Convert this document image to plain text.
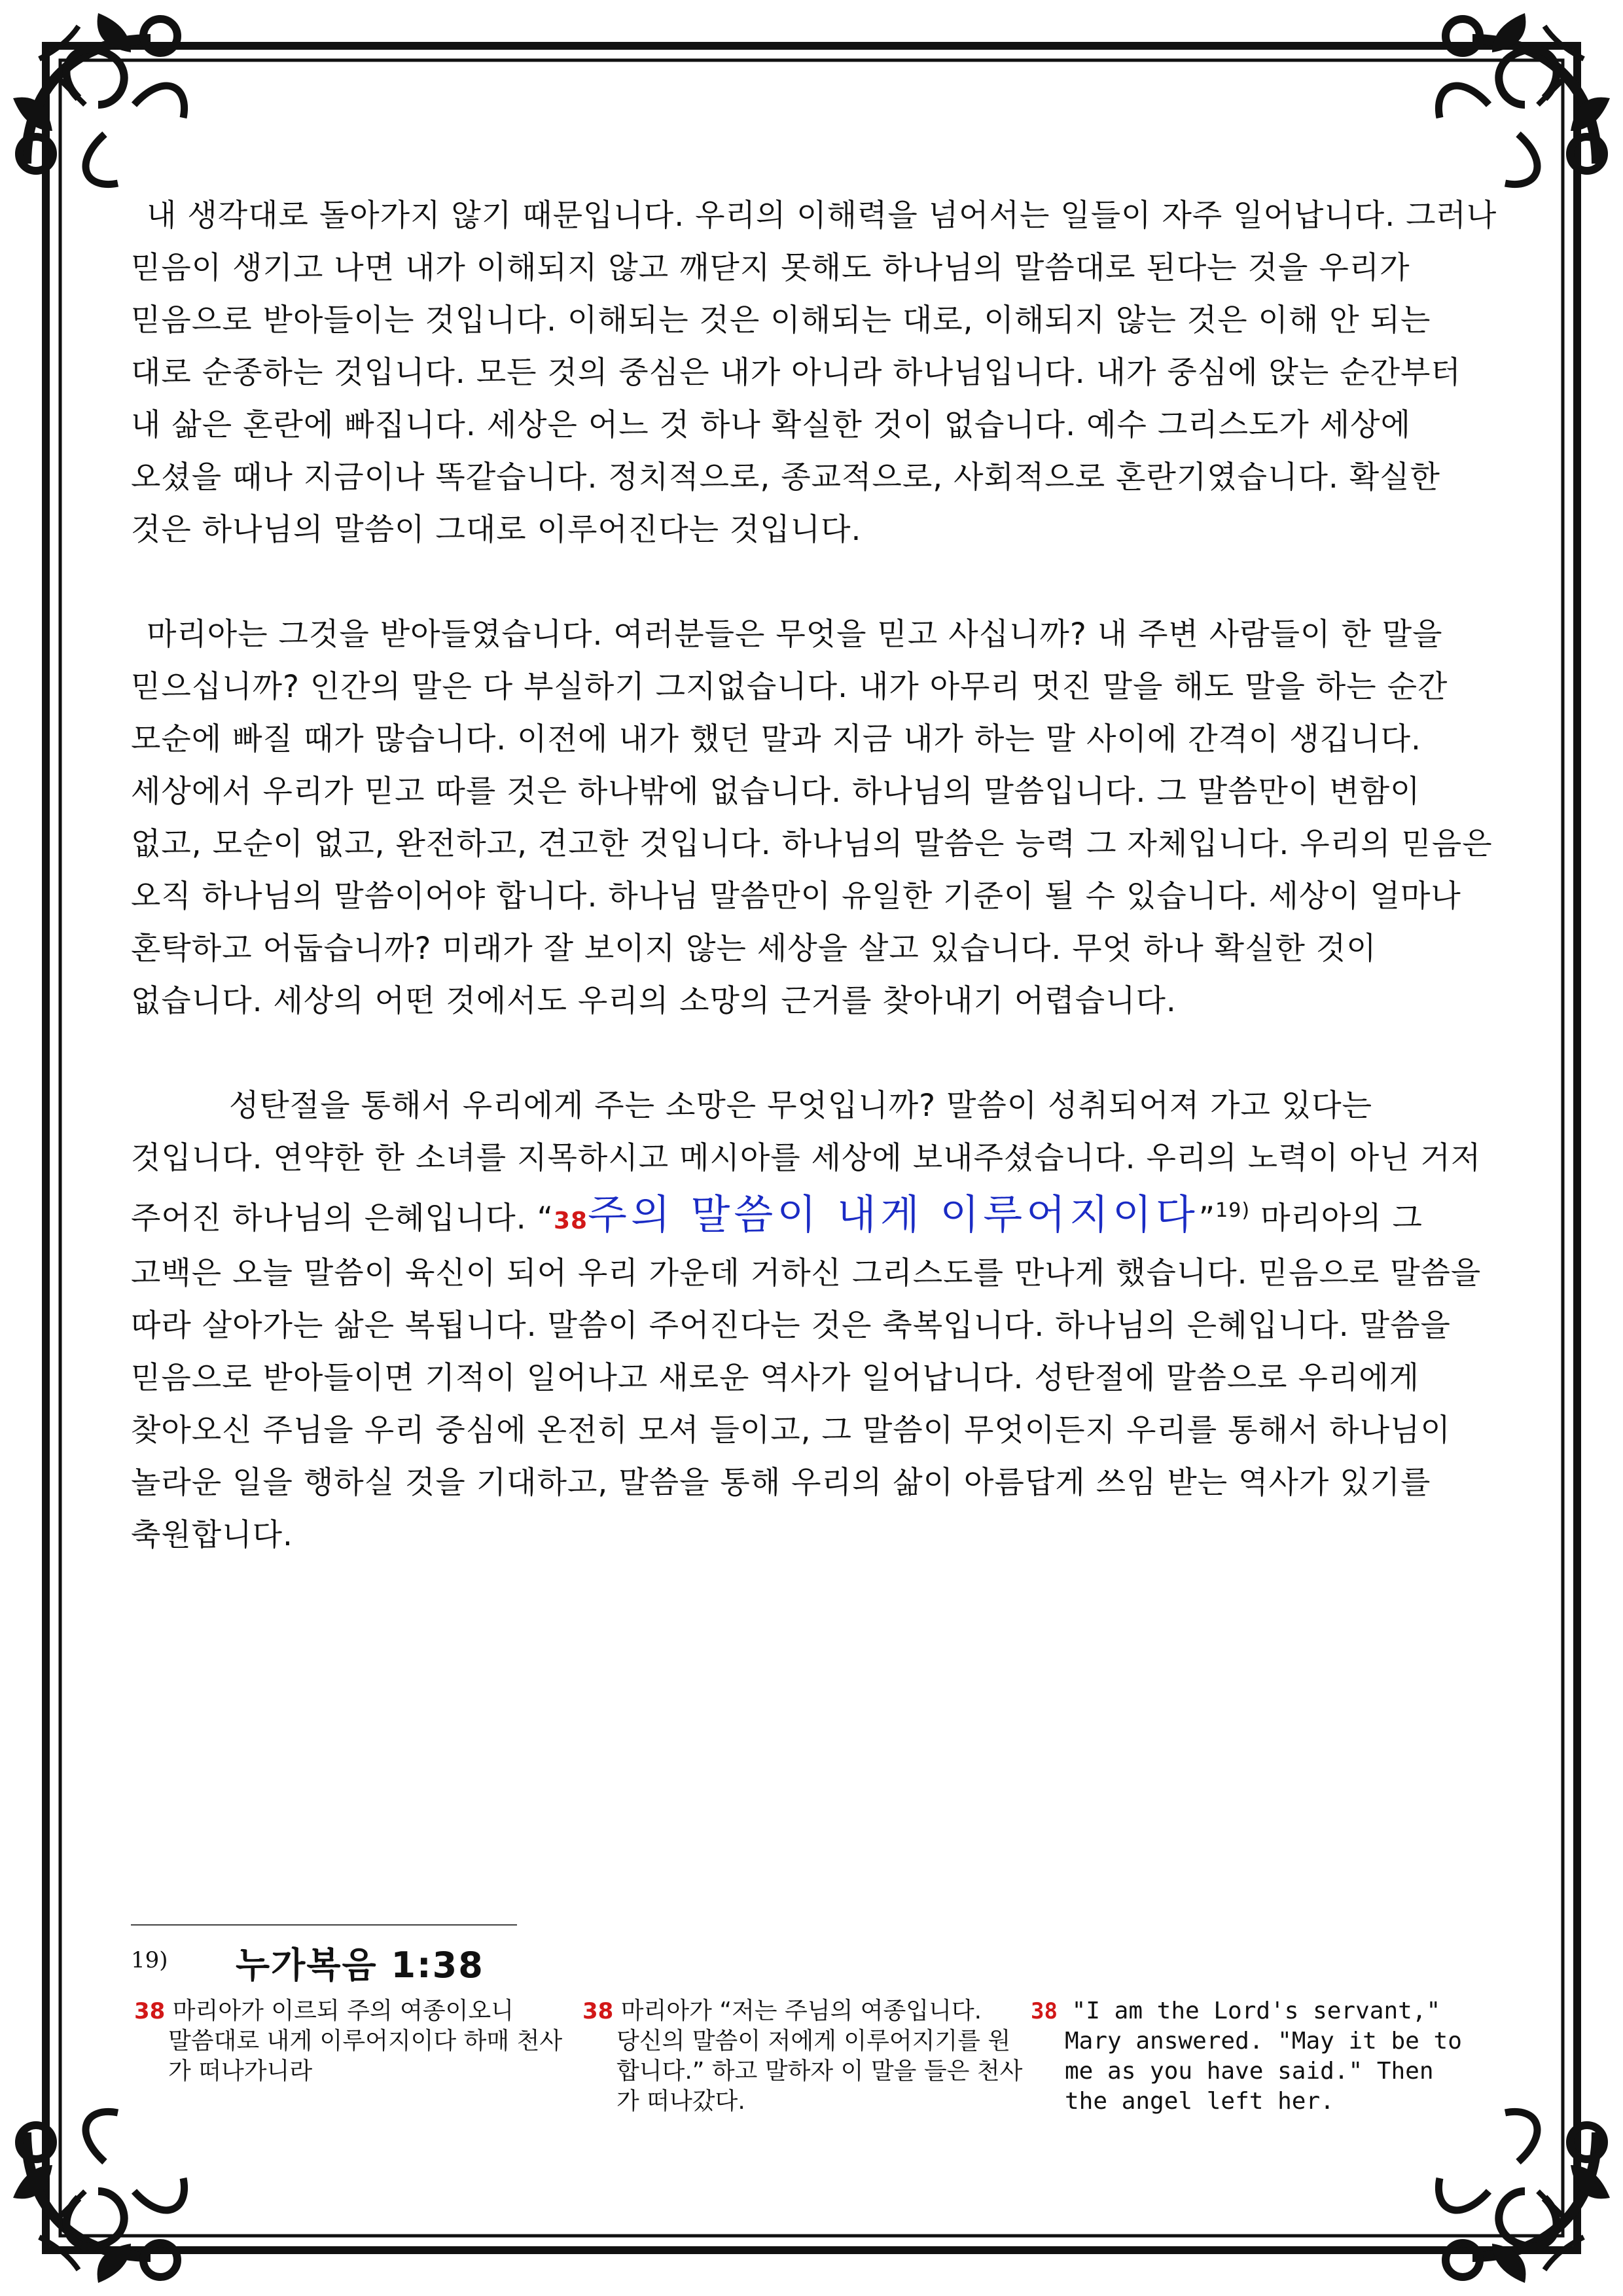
내 생각대로 돌아가지 않기 때문입니다. 우리의 이해력을 넘어서는 일들이 자주 일어납니다. 그러나 믿음이 생기고 나면 내가 이해되지 않고 깨닫지 못해도 하나님의 말씀대로 된다는 것을 우리가 믿음으로 받아들이는 것입니다. 이해되는 것은 이해되는 대로, 이해되지 않는 것은 이해 안 되는 대로 순종하는 것입니다. 모든 것의 중심은 내가 아니라 하나님입니다. 내가 중심에 앉는 순간부터 내 삶은 혼란에 빠집니다. 세상은 어느 것 하나 확실한 것이 없습니다. 예수 그리스도가 세상에 오셨을 때나 지금이나 똑같습니다. 정치적으로, 종교적으로, 사회적으로 혼란기였습니다. 확실한 것은 하나님의 말씀이 그대로 이루어진다는 것입니다.

마리아는 그것을 받아들였습니다. 여러분들은 무엇을 믿고 사십니까? 내 주변 사람들이 한 말을 믿으십니까? 인간의 말은 다 부실하기 그지없습니다. 내가 아무리 멋진 말을 해도 말을 하는 순간 모순에 빠질 때가 많습니다. 이전에 내가 했던 말과 지금 내가 하는 말 사이에 간격이 생깁니다. 세상에서 우리가 믿고 따를 것은 하나밖에 없습니다. 하나님의 말씀입니다. 그 말씀만이 변함이 없고, 모순이 없고, 완전하고, 견고한 것입니다. 하나님의 말씀은 능력 그 자체입니다. 우리의 믿음은 오직 하나님의 말씀이어야 합니다. 하나님 말씀만이 유일한 기준이 될 수 있습니다. 세상이 얼마나 혼탁하고 어둡습니까? 미래가 잘 보이지 않는 세상을 살고 있습니다. 무엇 하나 확실한 것이 없습니다. 세상의 어떤 것에서도 우리의 소망의 근거를 찾아내기 어렵습니다.

성탄절을 통해서 우리에게 주는 소망은 무엇입니까? 말씀이 성취되어져 가고 있다는 것입니다. 연약한 한 소녀를 지목하시고 메시아를 세상에 보내주셨습니다. 우리의 노력이 아닌 거저 주어진 하나님의 은혜입니다. “38주의 말씀이 내게 이루어지이다”$^{19)}$ 마리아의 그 고백은 오늘 말씀이 육신이 되어 우리 가운데 거하신 그리스도를 만나게 했습니다. 믿음으로 말씀을 따라 살아가는 삶은 복됩니다. 말씀이 주어진다는 것은 축복입니다. 하나님의 은혜입니다. 말씀을 믿음으로 받아들이면 기적이 일어나고 새로운 역사가 일어납니다. 성탄절에 말씀으로 우리에게 찾아오신 주님을 우리 중심에 온전히 모셔 들이고, 그 말씀이 무엇이든지 우리를 통해서 하나님이 놀라운 일을 행하실 것을 기대하고, 말씀을 통해 우리의 삶이 아름답게 쓰임 받는 역사가 있기를 축원합니다.

19) 누가복음 1:38
38 마리아가 이르되 주의 여종이오니
말씀대로 내게 이루어지이다 하매 천사가 떠나가니라
38 마리아가 “저는 주님의 여종입니다.
당신의 말씀이 저에게 이루어지기를 원합니다.” 하고 말하자 이 말을 들은 천사가 떠나갔다.
38 "I am the Lord's servant,"
Mary answered. "May it be to me as you have said." Then the angel left her.
